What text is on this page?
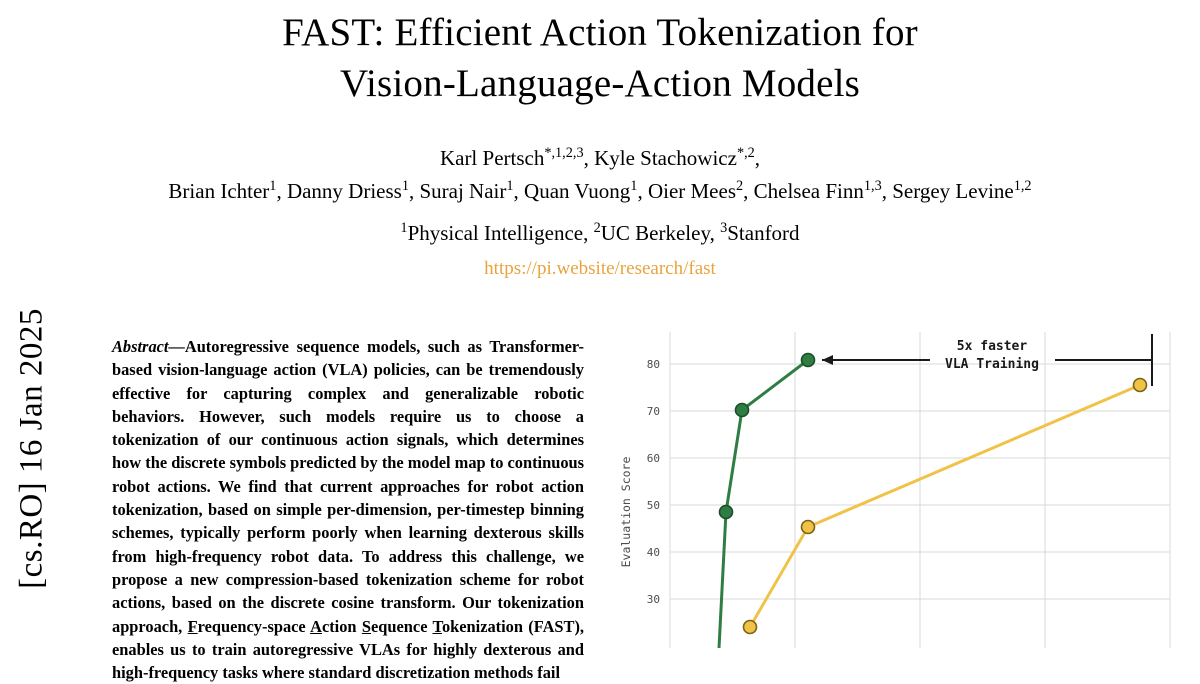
[cs.RO] 16 Jan 2025
FAST: Efficient Action Tokenization for
Vision-Language-Action Models
Karl Pertsch$^{*,1,2,3}$, Kyle Stachowicz$^{*,2}$,
Brian Ichter$^1$, Danny Driess$^1$, Suraj Nair$^1$, Quan Vuong$^1$, Oier Mees$^2$, Chelsea Finn$^{1,3}$, Sergey Levine$^{1,2}$
$^1$Physical Intelligence, $^2$UC Berkeley, $^3$Stanford
https://pi.website/research/fast
Abstract—Autoregressive sequence models, such as Transformer-based vision-language action (VLA) policies, can be tremendously effective for capturing complex and generalizable robotic behaviors. However, such models require us to choose a tokenization of our continuous action signals, which determines how the discrete symbols predicted by the model map to continuous robot actions. We find that current approaches for robot action tokenization, based on simple per-dimension, per-timestep binning schemes, typically perform poorly when learning dexterous skills from high-frequency robot data. To address this challenge, we propose a new compression-based tokenization scheme for robot actions, based on the discrete cosine transform. Our tokenization approach, Frequency-space Action Sequence Tokenization (FAST), enables us to train autoregressive VLAs for highly dexterous and high-frequency tasks where standard discretization methods fail
80
70
60
50
40
30
Evaluation Score
5x faster
VLA Training
